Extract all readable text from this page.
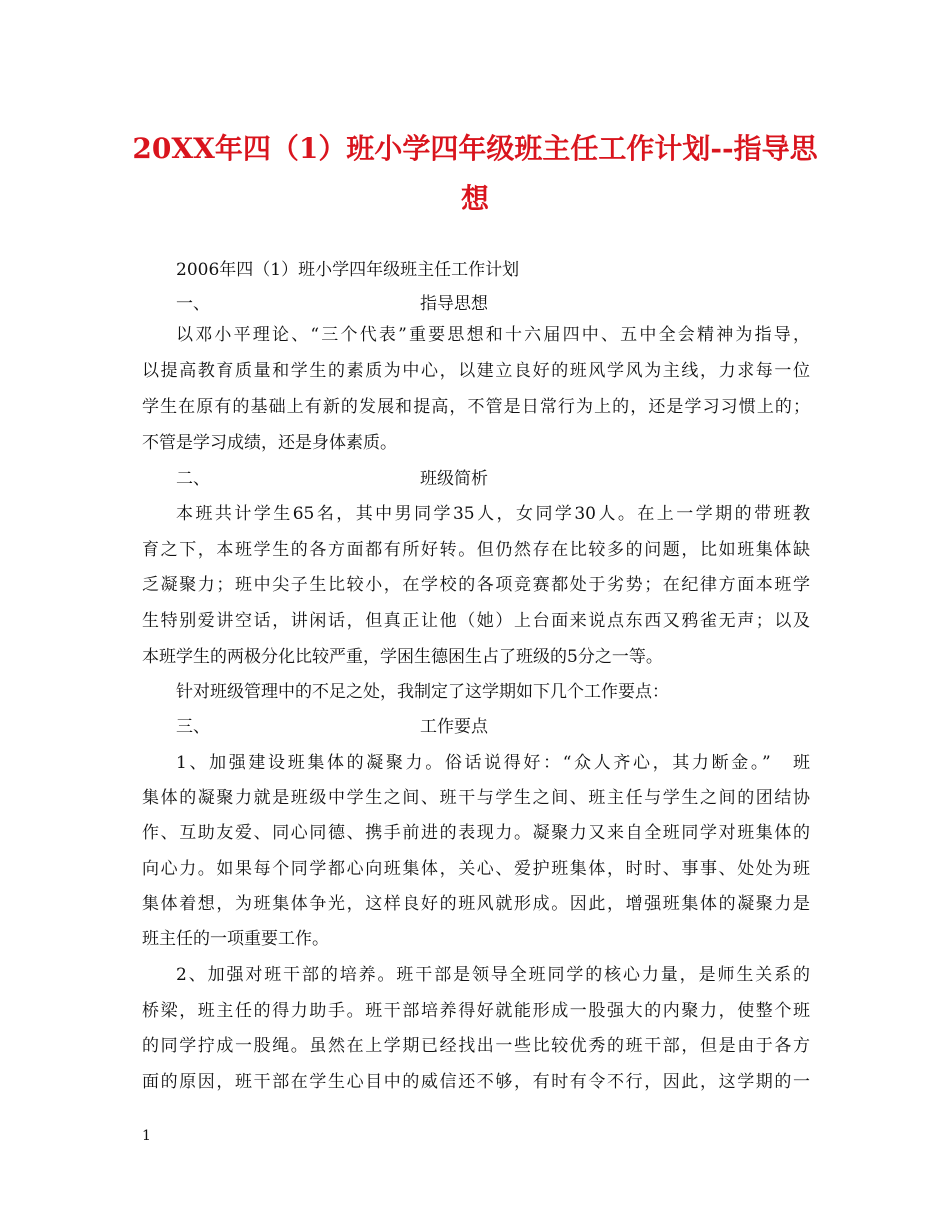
20XX年四（1）班小学四年级班主任工作计划--指导思想
2006年四（1）班小学四年级班主任工作计划
一、	指导思想
以邓小平理论、“三个代表”重要思想和十六届四中、五中全会精神为指导，
以提高教育质量和学生的素质为中心，以建立良好的班风学风为主线，力求每一位
学生在原有的基础上有新的发展和提高，不管是日常行为上的，还是学习习惯上的；
不管是学习成绩，还是身体素质。
二、	班级简析
本班共计学生65名，其中男同学35人，女同学30人。在上一学期的带班教
育之下，本班学生的各方面都有所好转。但仍然存在比较多的问题，比如班集体缺
乏凝聚力；班中尖子生比较小，在学校的各项竞赛都处于劣势；在纪律方面本班学
生特别爱讲空话，讲闲话，但真正让他（她）上台面来说点东西又鸦雀无声；以及
本班学生的两极分化比较严重，学困生德困生占了班级的5分之一等。
针对班级管理中的不足之处，我制定了这学期如下几个工作要点：
三、	工作要点
1、加强建设班集体的凝聚力。俗话说得好：“众人齐心，其力断金。”　班
集体的凝聚力就是班级中学生之间、班干与学生之间、班主任与学生之间的团结协
作、互助友爱、同心同德、携手前进的表现力。凝聚力又来自全班同学对班集体的
向心力。如果每个同学都心向班集体，关心、爱护班集体，时时、事事、处处为班
集体着想，为班集体争光，这样良好的班风就形成。因此，增强班集体的凝聚力是
班主任的一项重要工作。
2、加强对班干部的培养。班干部是领导全班同学的核心力量，是师生关系的
桥梁，班主任的得力助手。班干部培养得好就能形成一股强大的内聚力，使整个班
的同学拧成一股绳。虽然在上学期已经找出一些比较优秀的班干部，但是由于各方
面的原因，班干部在学生心目中的威信还不够，有时有令不行，因此，这学期的一
1
